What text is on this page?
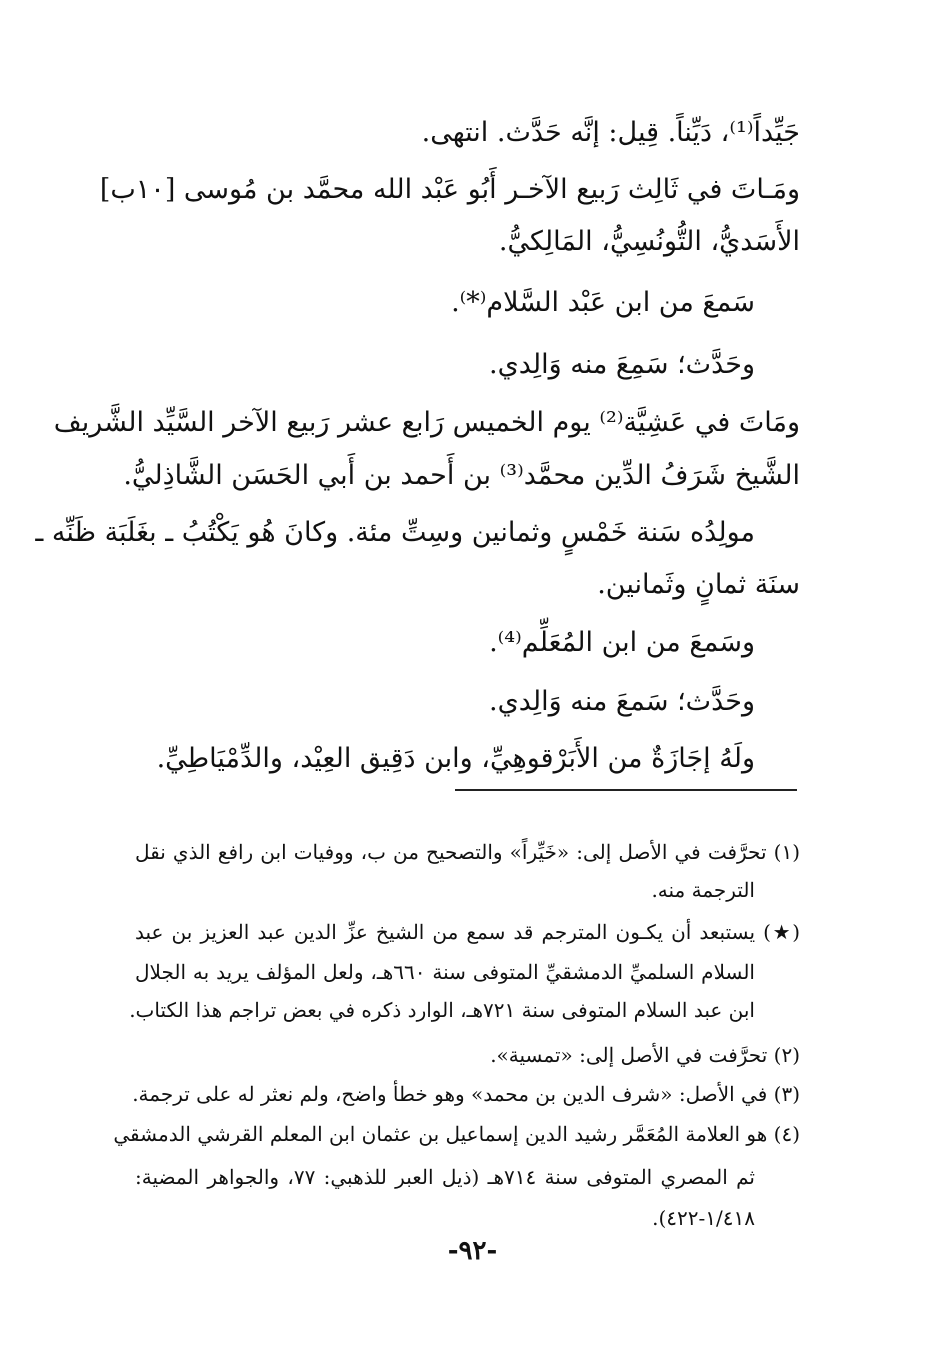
جَيِّداً⁽¹⁾، دَيِّناً. قِيل: إنَّه حَدَّث. انتهى.
ومَـاتَ في ثَالِث رَبيع الآخـر أَبُو عَبْد الله محمَّد بن مُوسى [١٠ب]
الأَسَديُّ، التُّونُسِيُّ، المَالِكيُّ.
سَمعَ من ابن عَبْد السَّلام⁽*⁾.
وحَدَّث؛ سَمِعَ منه وَالِدي.
ومَاتَ في عَشِيَّة⁽²⁾ يوم الخميس رَابع عشر رَبيع الآخر السَّيِّد الشَّريف
الشَّيخ شَرَفُ الدِّين محمَّد⁽³⁾ بن أَحمد بن أَبي الحَسَن الشَّاذِليُّ.
مولِدُه سَنة خَمْسٍ وثمانين وسِتِّ مئة. وكانَ هُو يَكْتُبُ ـ بغَلَبَة ظَنِّه ـ
سنَة ثمانٍ وثَمانين.
وسَمعَ من ابن المُعَلِّم⁽⁴⁾.
وحَدَّث؛ سَمعَ منه وَالِدي.
ولَهُ إجَازَةٌ من الأَبَرْقوهِيِّ، وابن دَقِيق العِيْد، والدِّمْيَاطِيِّ.
(١) تحرَّفت في الأصل إلى: «خَيِّراً» والتصحيح من ب، ووفيات ابن رافع الذي نقل
الترجمة منه.
(★) يستبعد أن يكـون المترجم قد سمع من الشيخ عزِّ الدين عبد العزيز بن عبد
السلام السلميِّ الدمشقيِّ المتوفى سنة ٦٦٠هـ، ولعل المؤلف يريد به الجلال
ابن عبد السلام المتوفى سنة ٧٢١هـ، الوارد ذكره في بعض تراجم هذا الكتاب.
(٢) تحرَّفت في الأصل إلى: «تمسية».
(٣) في الأصل: «شرف الدين بن محمد» وهو خطأ واضح، ولم نعثر له على ترجمة.
(٤) هو العلامة المُعَمَّر رشيد الدين إسماعيل بن عثمان ابن المعلم القرشي الدمشقي
ثم المصري المتوفى سنة ٧١٤هـ (ذيل العبر للذهبي: ٧٧، والجواهر المضية:
١/٤١٨-٤٢٢).
-٩٢-
